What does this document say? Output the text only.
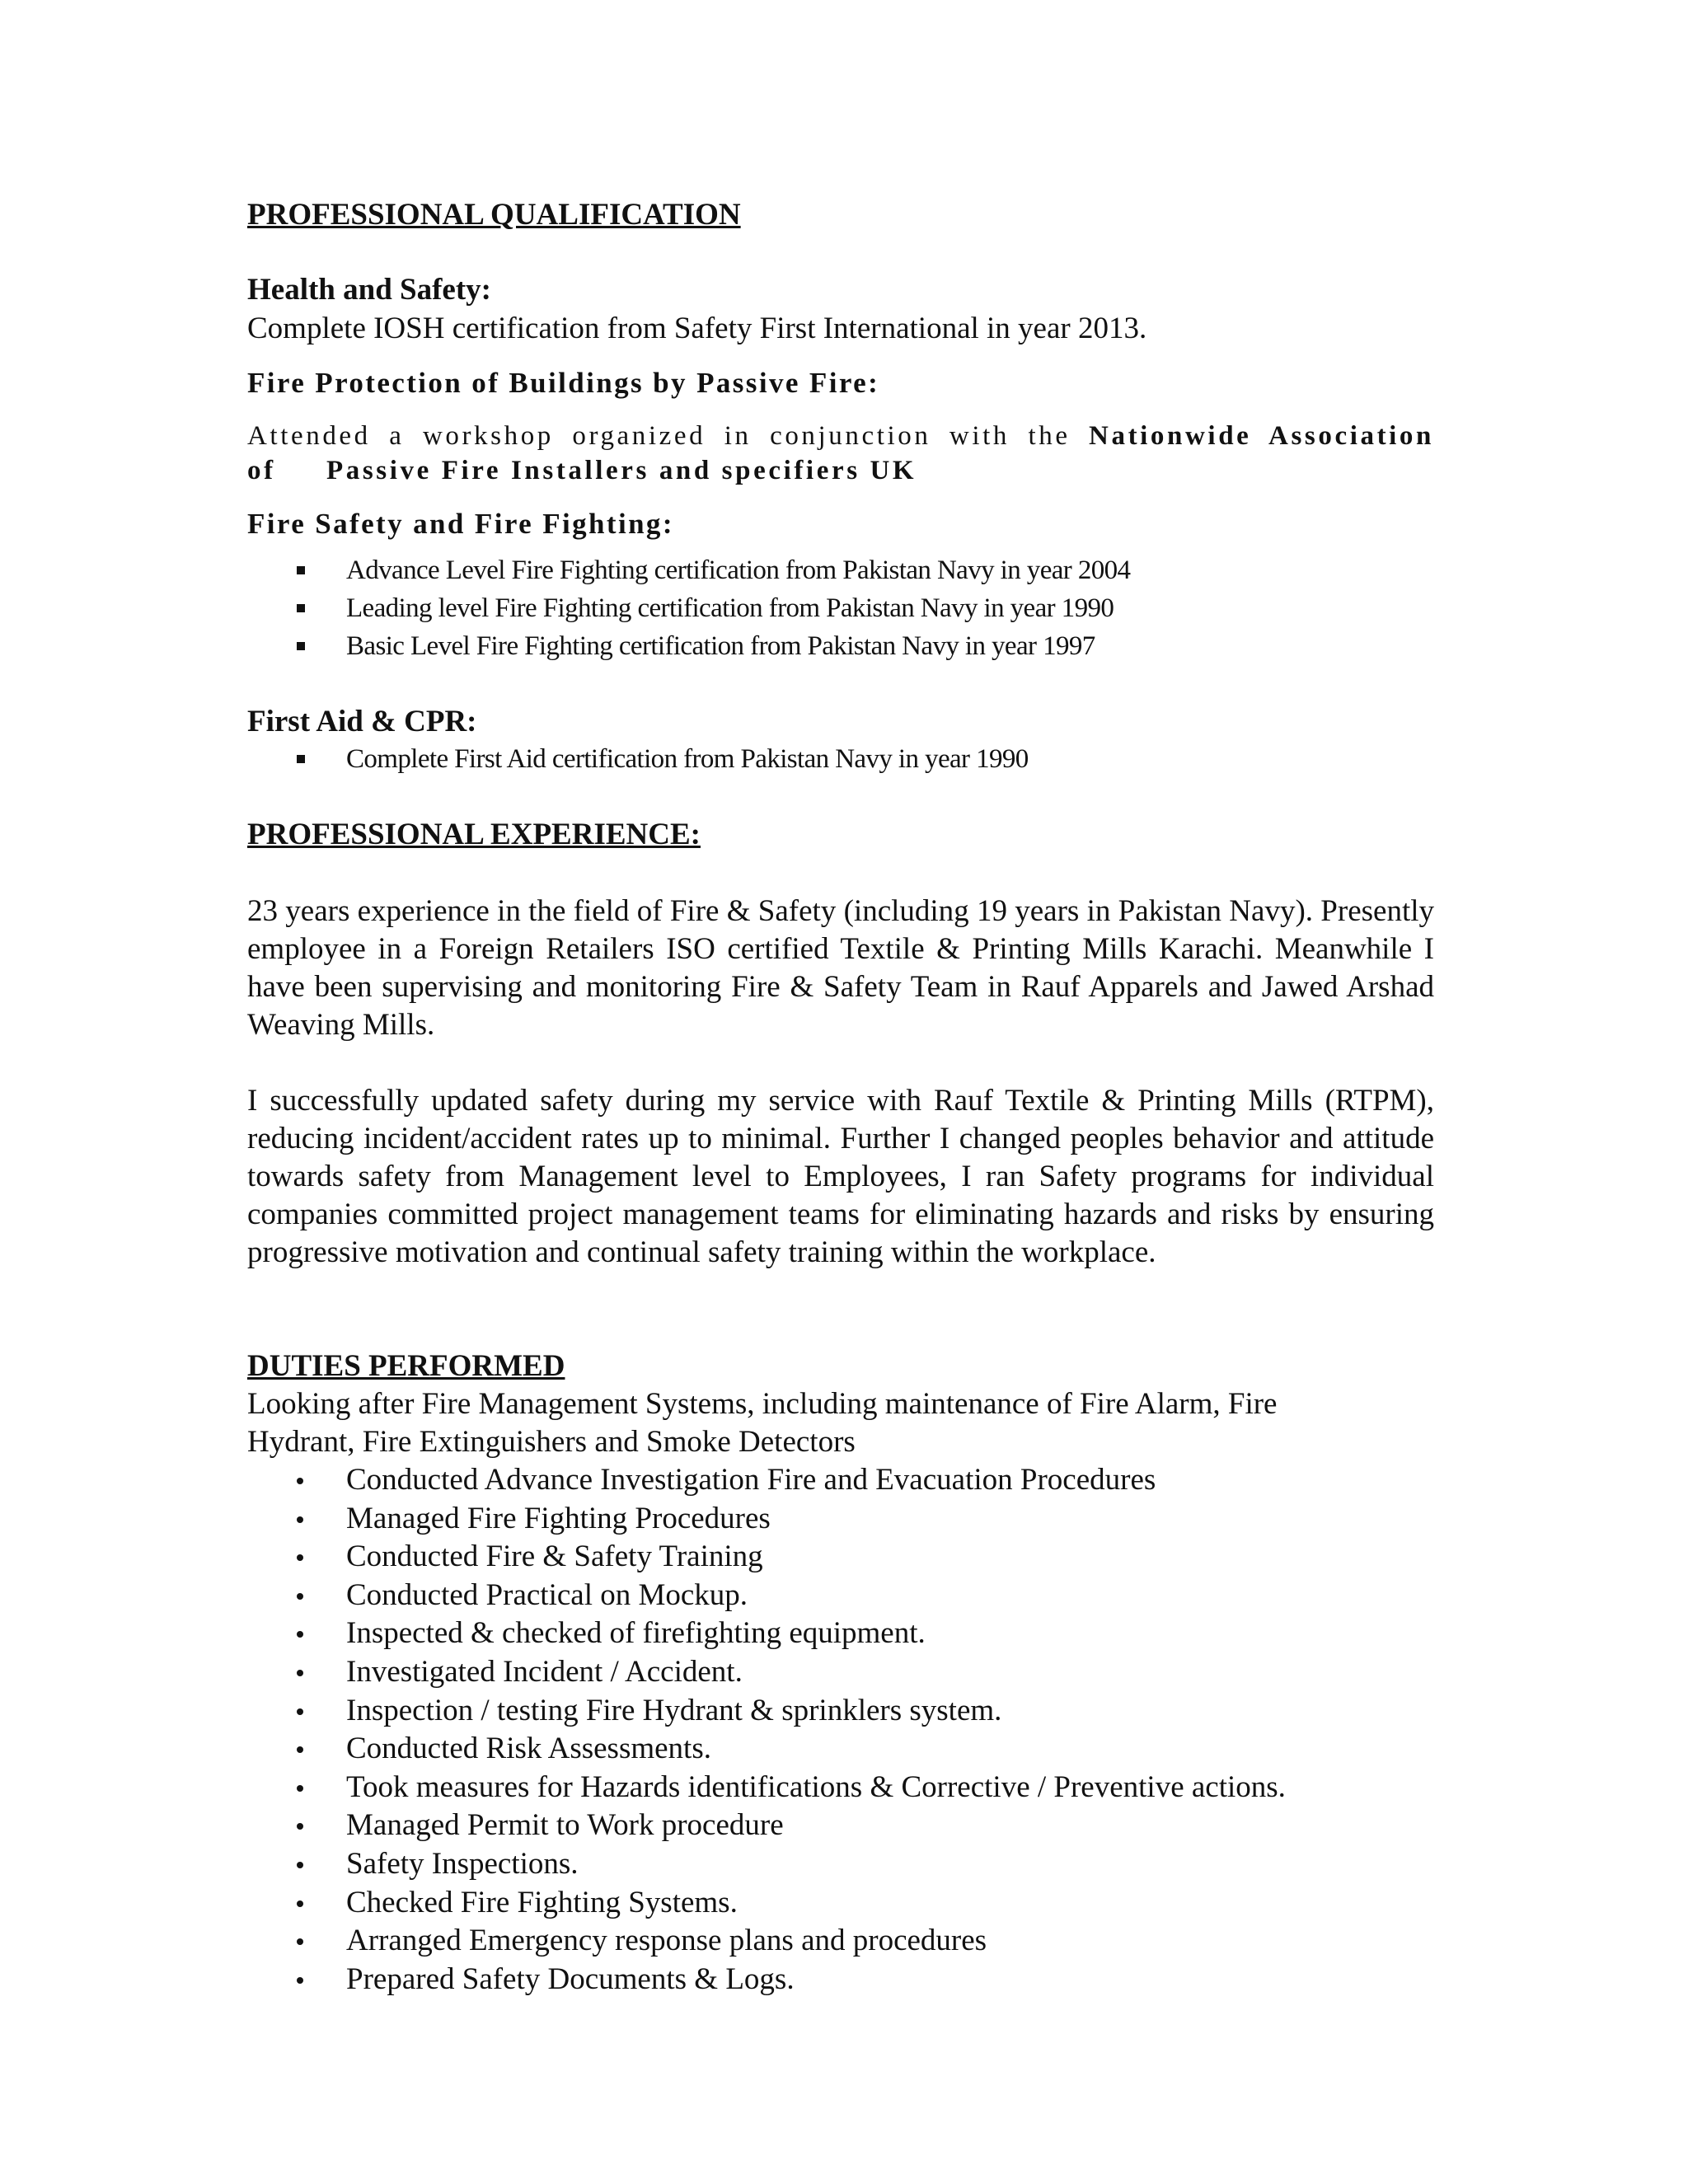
PROFESSIONAL QUALIFICATION
Health and Safety:

Complete IOSH certification from Safety First International in year 2013.

Fire Protection of Buildings by Passive Fire:

Attended a workshop organized in conjunction with the Nationwide Association of	Passive Fire Installers and specifiers UK

Fire Safety and Fire Fighting:
Advance Level Fire Fighting certification from Pakistan Navy in year 2004
Leading level Fire Fighting certification from Pakistan Navy in year 1990
Basic Level Fire Fighting certification from Pakistan Navy in year 1997
First Aid & CPR:
Complete First Aid certification from Pakistan Navy in year 1990
PROFESSIONAL EXPERIENCE:

23 years experience in the field of Fire & Safety (including 19 years in Pakistan Navy). Presently employee in a Foreign Retailers ISO certified Textile & Printing Mills Karachi. Meanwhile I have been supervising and monitoring Fire & Safety Team in Rauf Apparels and Jawed Arshad Weaving Mills.

I successfully updated safety during my service with Rauf Textile & Printing Mills (RTPM), reducing incident/accident rates up to minimal. Further I changed peoples behavior and attitude towards safety from Management level to Employees, I ran Safety programs for individual companies committed project management teams for eliminating hazards and risks by ensuring progressive motivation and continual safety training within the workplace.

DUTIES PERFORMED

Looking after Fire Management Systems, including maintenance of Fire Alarm, Fire

Hydrant, Fire Extinguishers and Smoke Detectors

Conducted Advance Investigation Fire and Evacuation Procedures
Managed Fire Fighting Procedures
Conducted Fire & Safety Training
Conducted Practical on Mockup.
Inspected & checked of firefighting equipment.
Investigated Incident / Accident.
Inspection / testing Fire Hydrant & sprinklers system.
Conducted Risk Assessments.
Took measures for Hazards identifications & Corrective / Preventive actions.
Managed Permit to Work procedure
Safety Inspections.
Checked Fire Fighting Systems.
Arranged Emergency response plans and procedures
Prepared Safety Documents & Logs.
